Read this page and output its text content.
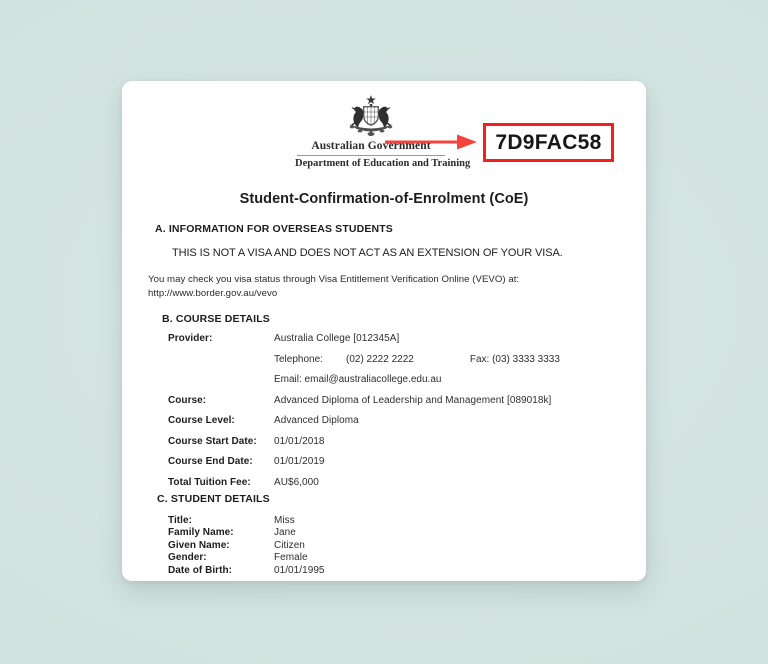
Australian Government
Department of Education and Training
Student-Confirmation-of-Enrolment (CoE)
A. INFORMATION FOR OVERSEAS STUDENTS
THIS IS NOT A VISA AND DOES NOT ACT AS AN EXTENSION OF YOUR VISA.
You may check you visa status through Visa Entitlement Verification Online (VEVO) at:
http://www.border.gov.au/vevo
B. COURSE DETAILS
Provider:	Australia College [012345A]
Telephone:	(02) 2222 2222	Fax: (03) 3333 3333
Email: email@australiacollege.edu.au
Course:	Advanced Diploma of Leadership and Management [089018k]
Course Level:	Advanced Diploma
Course Start Date:	01/01/2018
Course End Date:	01/01/2019
Total Tuition Fee:	AU$6,000
C. STUDENT DETAILS
Title:	Miss
Family Name:	Jane
Given Name:	Citizen
Gender:	Female
Date of Birth:	01/01/1995
7D9FAC58
